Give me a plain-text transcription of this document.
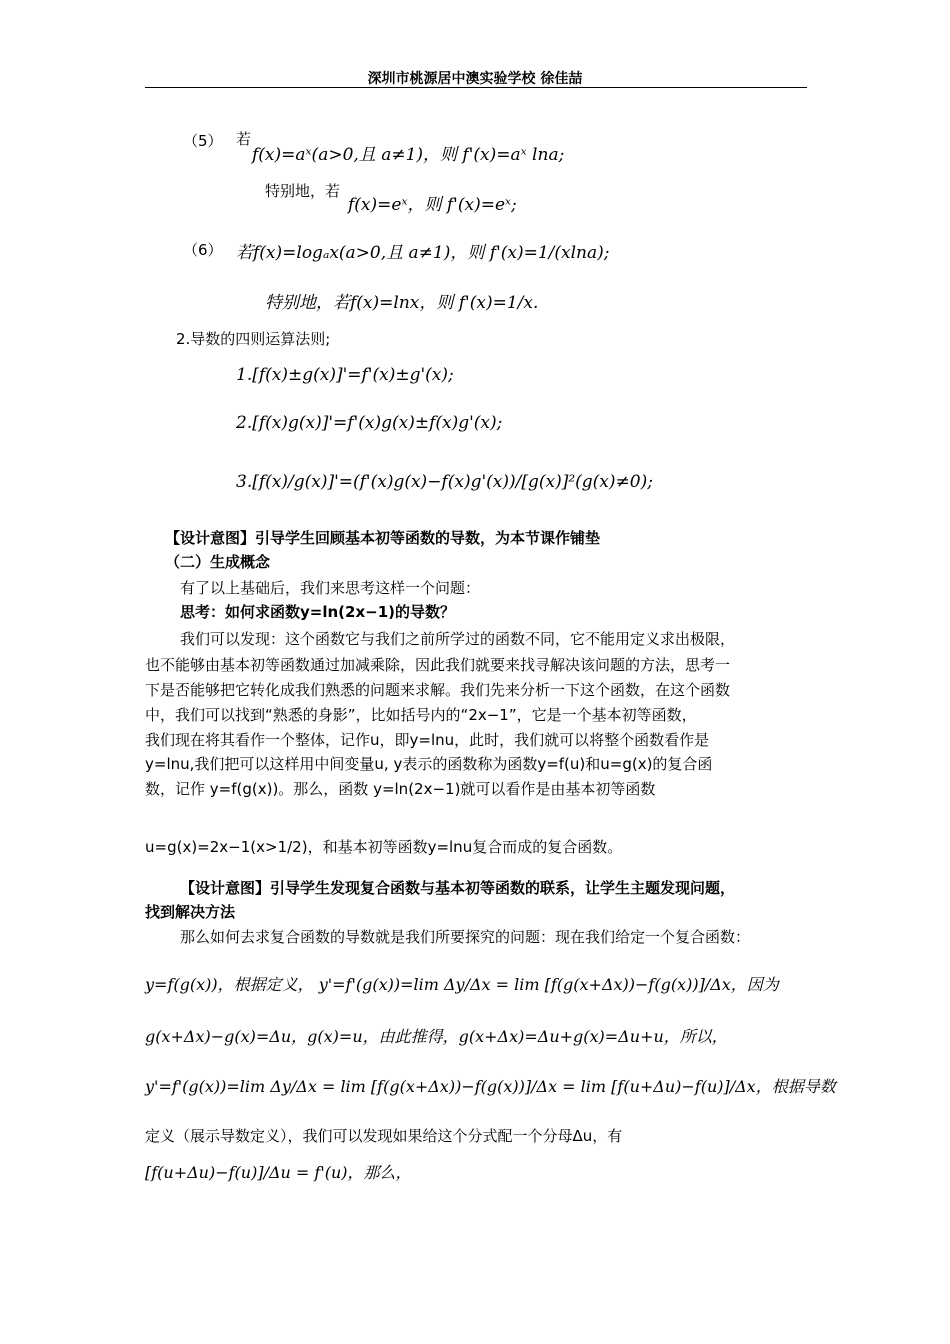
深圳市桃源居中澳实验学校 徐佳喆
（5） 若
f(x)=aˣ(a>0,且 a≠1)，则 f'(x)=aˣ lna;
特别地，若
f(x)=eˣ，则 f'(x)=eˣ;
（6） 若f(x)=logₐx(a>0,且 a≠1)，则 f'(x)=1/(xlna);
特别地，若f(x)=lnx，则 f'(x)=1/x.
2.导数的四则运算法则;
1.[f(x)±g(x)]'=f'(x)±g'(x);
2.[f(x)g(x)]'=f'(x)g(x)±f(x)g'(x);
3.[f(x)/g(x)]'=(f'(x)g(x)−f(x)g'(x))/[g(x)]²(g(x)≠0);
【设计意图】引导学生回顾基本初等函数的导数，为本节课作铺垫
（二）生成概念
有了以上基础后，我们来思考这样一个问题：
思考：如何求函数y=ln(2x−1)的导数？
我们可以发现：这个函数它与我们之前所学过的函数不同，它不能用定义求出极限，
也不能够由基本初等函数通过加减乘除，因此我们就要来找寻解决该问题的方法，思考一
下是否能够把它转化成我们熟悉的问题来求解。我们先来分析一下这个函数，在这个函数
中，我们可以找到“熟悉的身影”，比如括号内的“2x−1”，它是一个基本初等函数，
我们现在将其看作一个整体，记作u，即y=lnu，此时，我们就可以将整个函数看作是
y=lnu,我们把可以这样用中间变量u, y表示的函数称为函数y=f(u)和u=g(x)的复合函
数，记作 y=f(g(x))。那么，函数 y=ln(2x−1)就可以看作是由基本初等函数
u=g(x)=2x−1(x>1/2)，和基本初等函数y=lnu复合而成的复合函数。
【设计意图】引导学生发现复合函数与基本初等函数的联系，让学生主题发现问题，
找到解决方法
那么如何去求复合函数的导数就是我们所要探究的问题：现在我们给定一个复合函数：
y=f(g(x))，根据定义， y'=f'(g(x))=lim Δy/Δx = lim [f(g(x+Δx))−f(g(x))]/Δx，因为
g(x+Δx)−g(x)=Δu，g(x)=u，由此推得，g(x+Δx)=Δu+g(x)=Δu+u，所以，
y'=f'(g(x))=lim Δy/Δx = lim [f(g(x+Δx))−f(g(x))]/Δx = lim [f(u+Δu)−f(u)]/Δx，根据导数
定义（展示导数定义），我们可以发现如果给这个分式配一个分母Δu，有
[f(u+Δu)−f(u)]/Δu = f'(u)，那么，
